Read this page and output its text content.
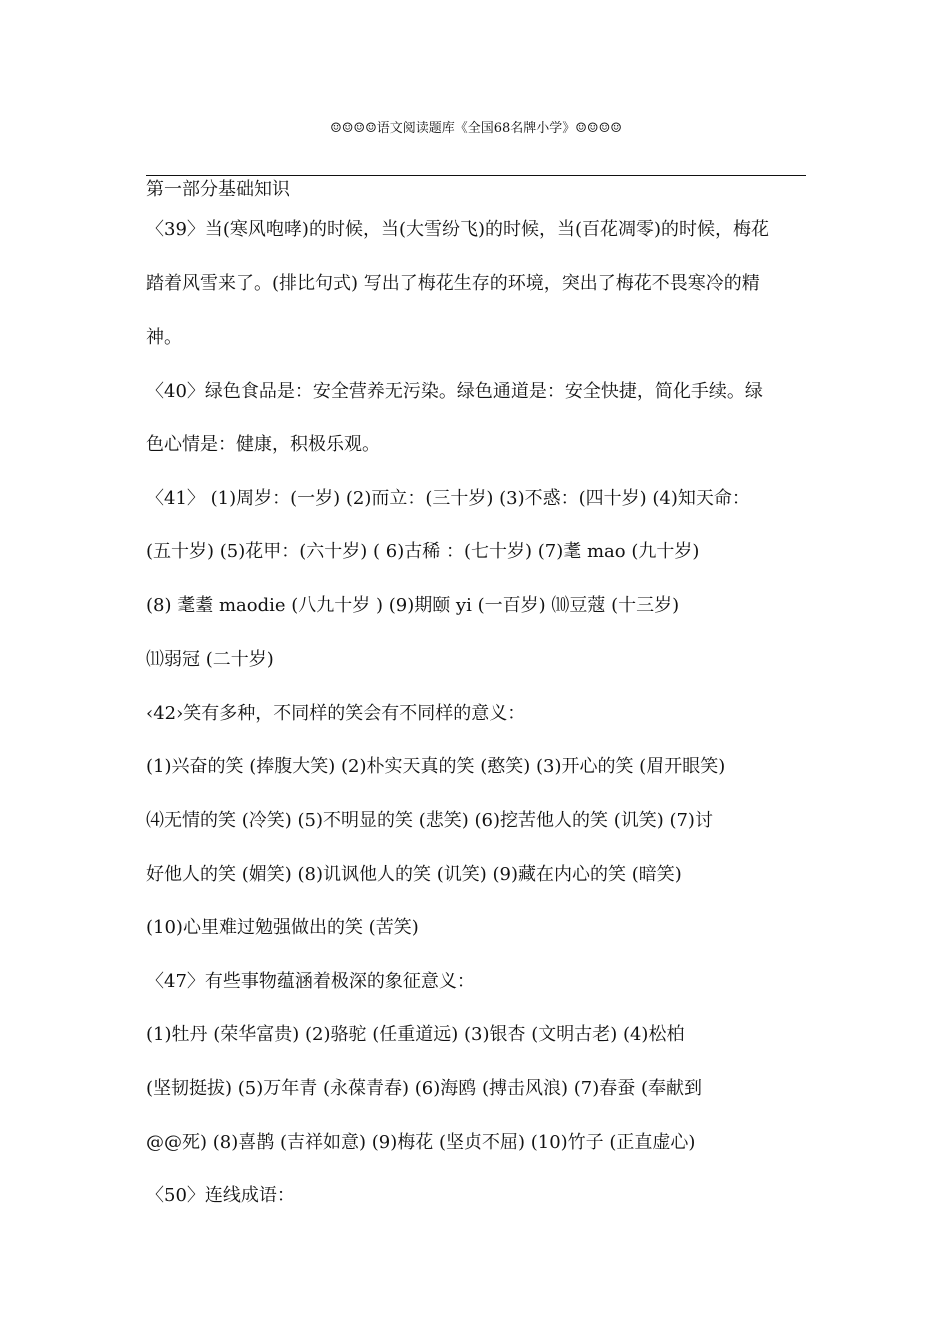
☺☺☺☺语文阅读题库《全国68名牌小学》☺☺☺☺
第一部分基础知识
〈39〉当(寒风咆哮)的时候，当(大雪纷飞)的时候，当(百花凋零)的时候，梅花
踏着风雪来了。(排比句式) 写出了梅花生存的环境，突出了梅花不畏寒冷的精
神。
〈40〉绿色食品是：安全营养无污染。绿色通道是：安全快捷，简化手续。绿
色心情是：健康，积极乐观。
〈41〉 (1)周岁：(一岁) (2)而立：(三十岁) (3)不惑：(四十岁) (4)知天命：
(五十岁) (5)花甲：(六十岁) ( 6)古稀 ：(七十岁) (7)耄 mao (九十岁)
(8) 耄耋 maodie (八九十岁 ) (9)期颐 yi (一百岁) ⑽豆蔻 (十三岁)
⑾弱冠 (二十岁)
‹42›笑有多种，不同样的笑会有不同样的意义：
(1)兴奋的笑 (捧腹大笑) (2)朴实天真的笑 (憨笑) (3)开心的笑 (眉开眼笑)
⑷无情的笑 (冷笑) (5)不明显的笑 (悲笑) (6)挖苦他人的笑 (讥笑) (7)讨
好他人的笑 (媚笑) (8)讥讽他人的笑 (讥笑) (9)藏在内心的笑 (暗笑)
(10)心里难过勉强做出的笑 (苦笑)
〈47〉有些事物蕴涵着极深的象征意义：
(1)牡丹 (荣华富贵) (2)骆驼 (任重道远) (3)银杏 (文明古老) (4)松柏
(坚韧挺拔) (5)万年青 (永葆青春) (6)海鸥 (搏击风浪) (7)春蚕 (奉献到
@@死) (8)喜鹊 (吉祥如意) (9)梅花 (坚贞不屈) (10)竹子 (正直虚心)
〈50〉连线成语：
